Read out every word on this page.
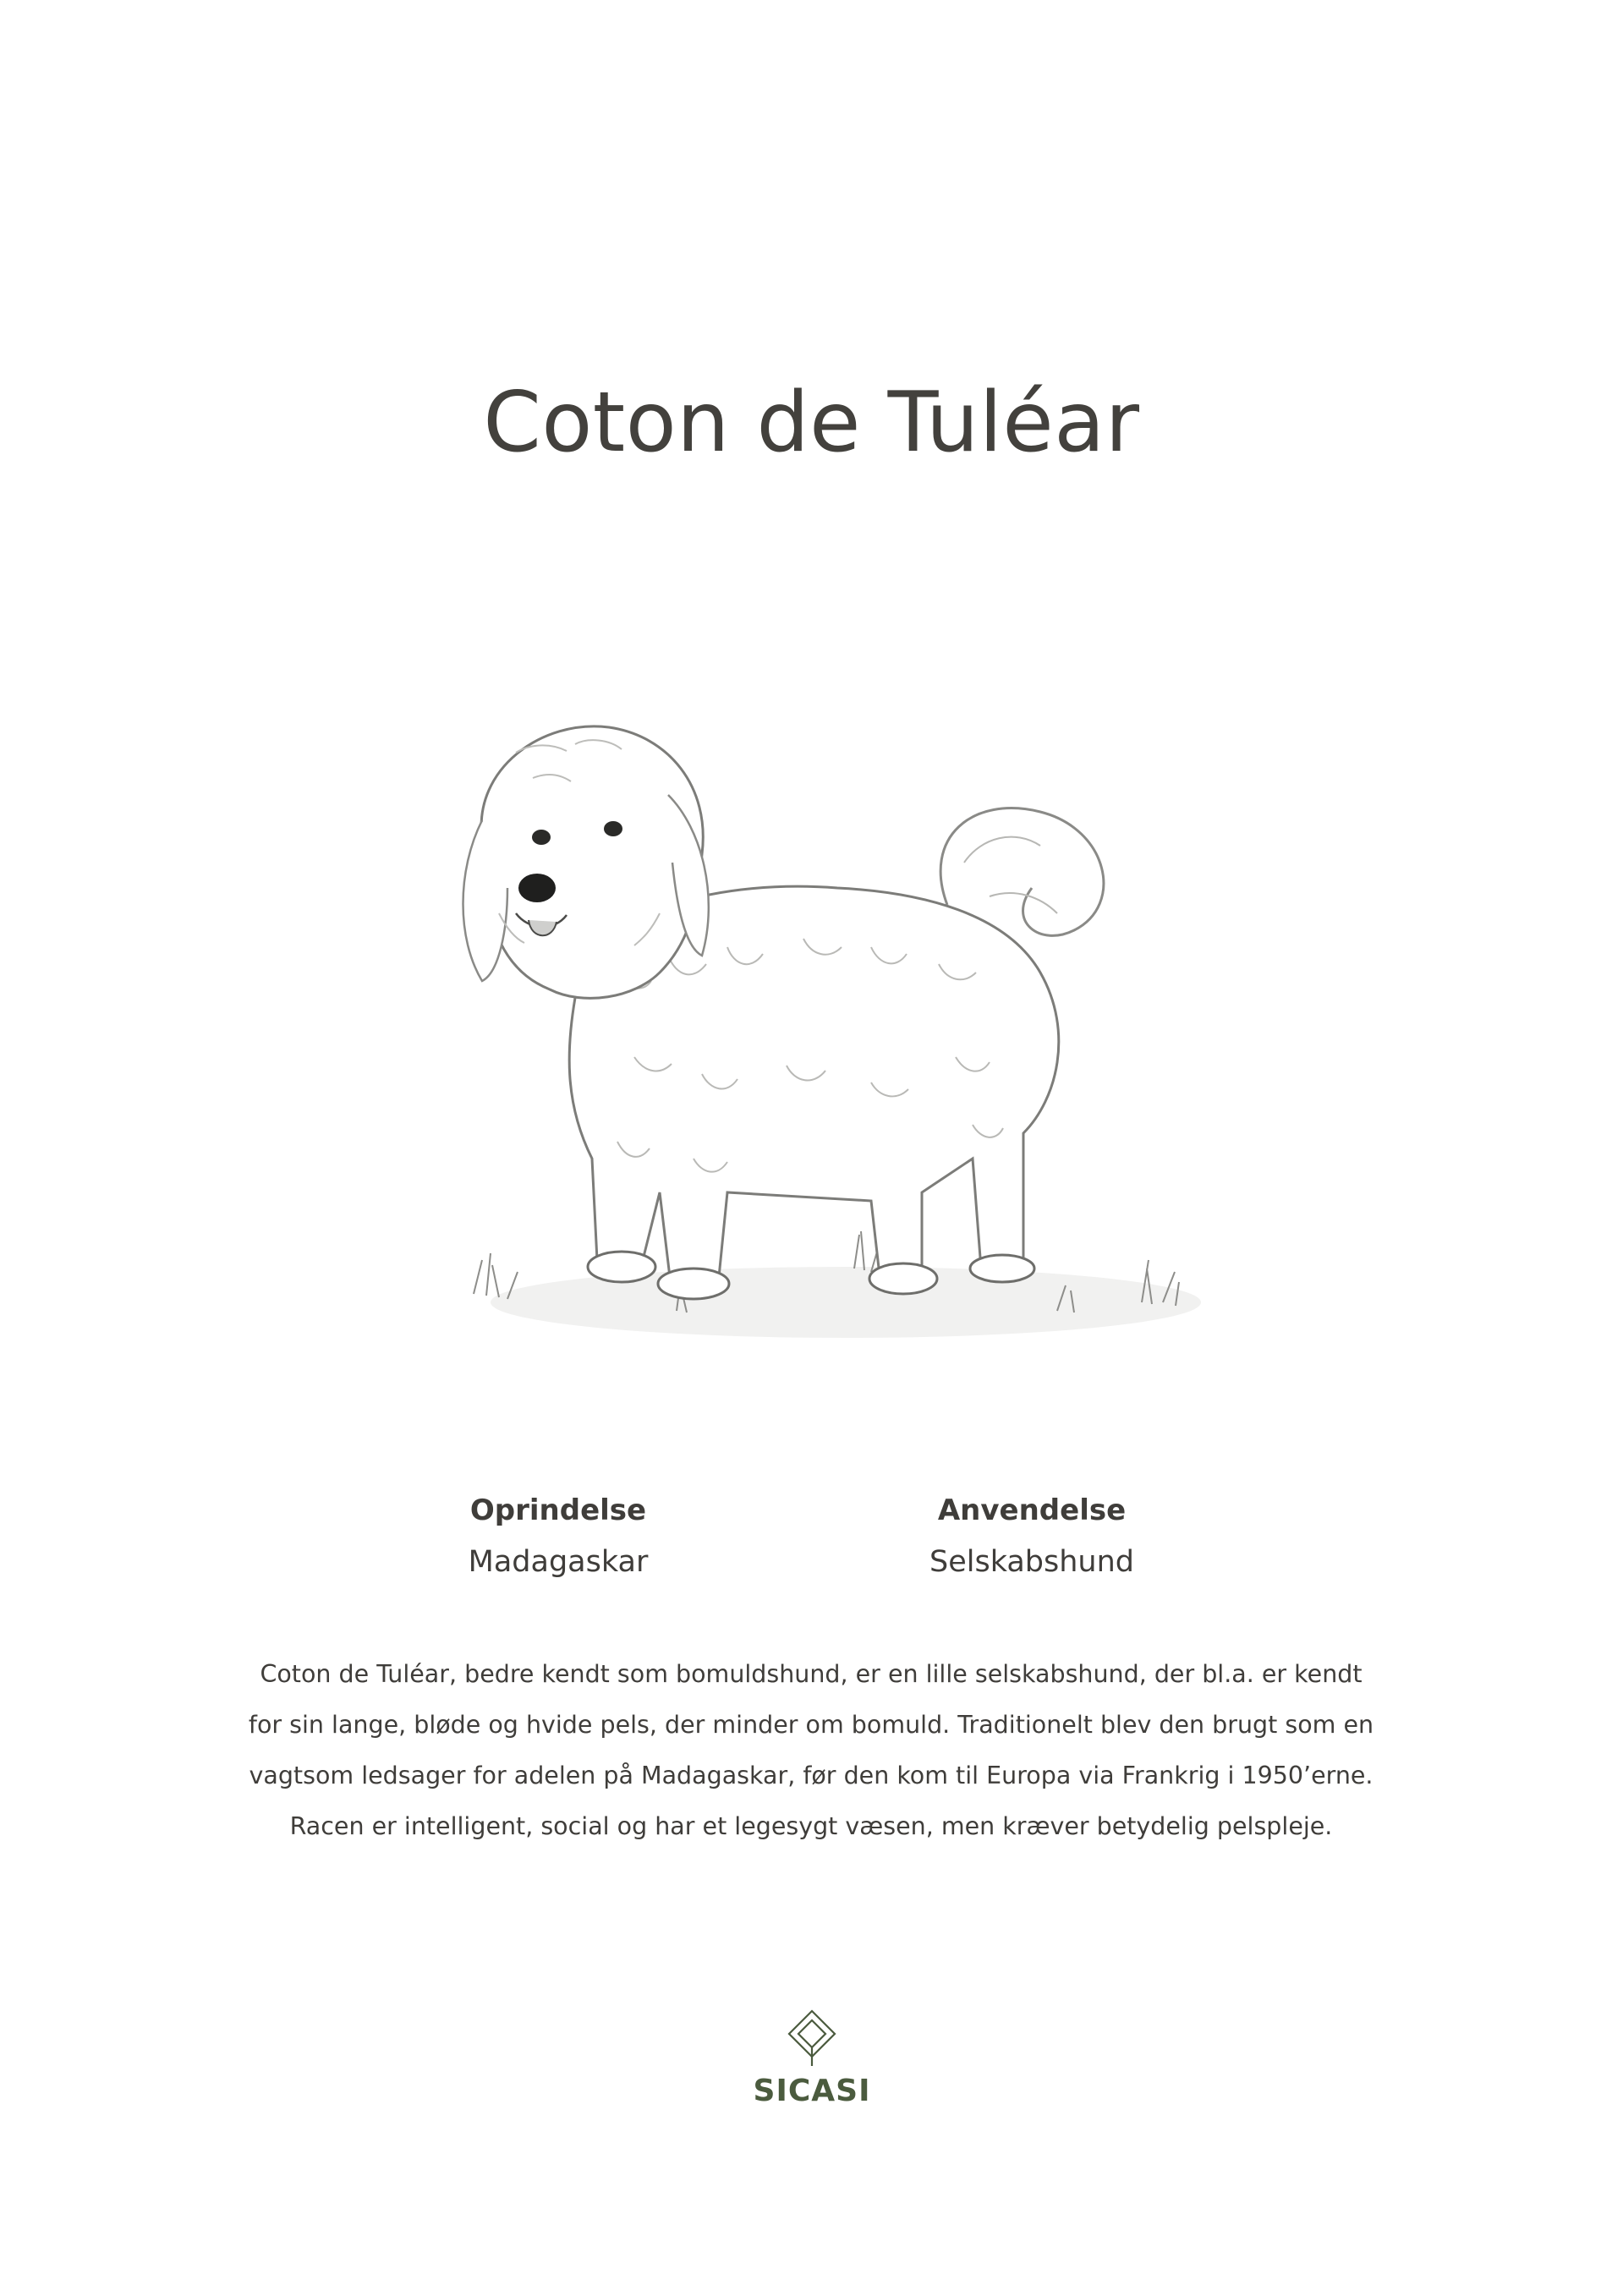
Coton de Tuléar
Oprindelse
Madagaskar
Anvendelse
Selskabshund

Coton de Tuléar, bedre kendt som bomuldshund, er en lille selskabshund, der bl.a. er kendt
for sin lange, bløde og hvide pels, der minder om bomuld. Traditionelt blev den brugt som en
vagtsom ledsager for adelen på Madagaskar, før den kom til Europa via Frankrig i 1950’erne.
Racen er intelligent, social og har et legesygt væsen, men kræver betydelig pelspleje.

SICASI
